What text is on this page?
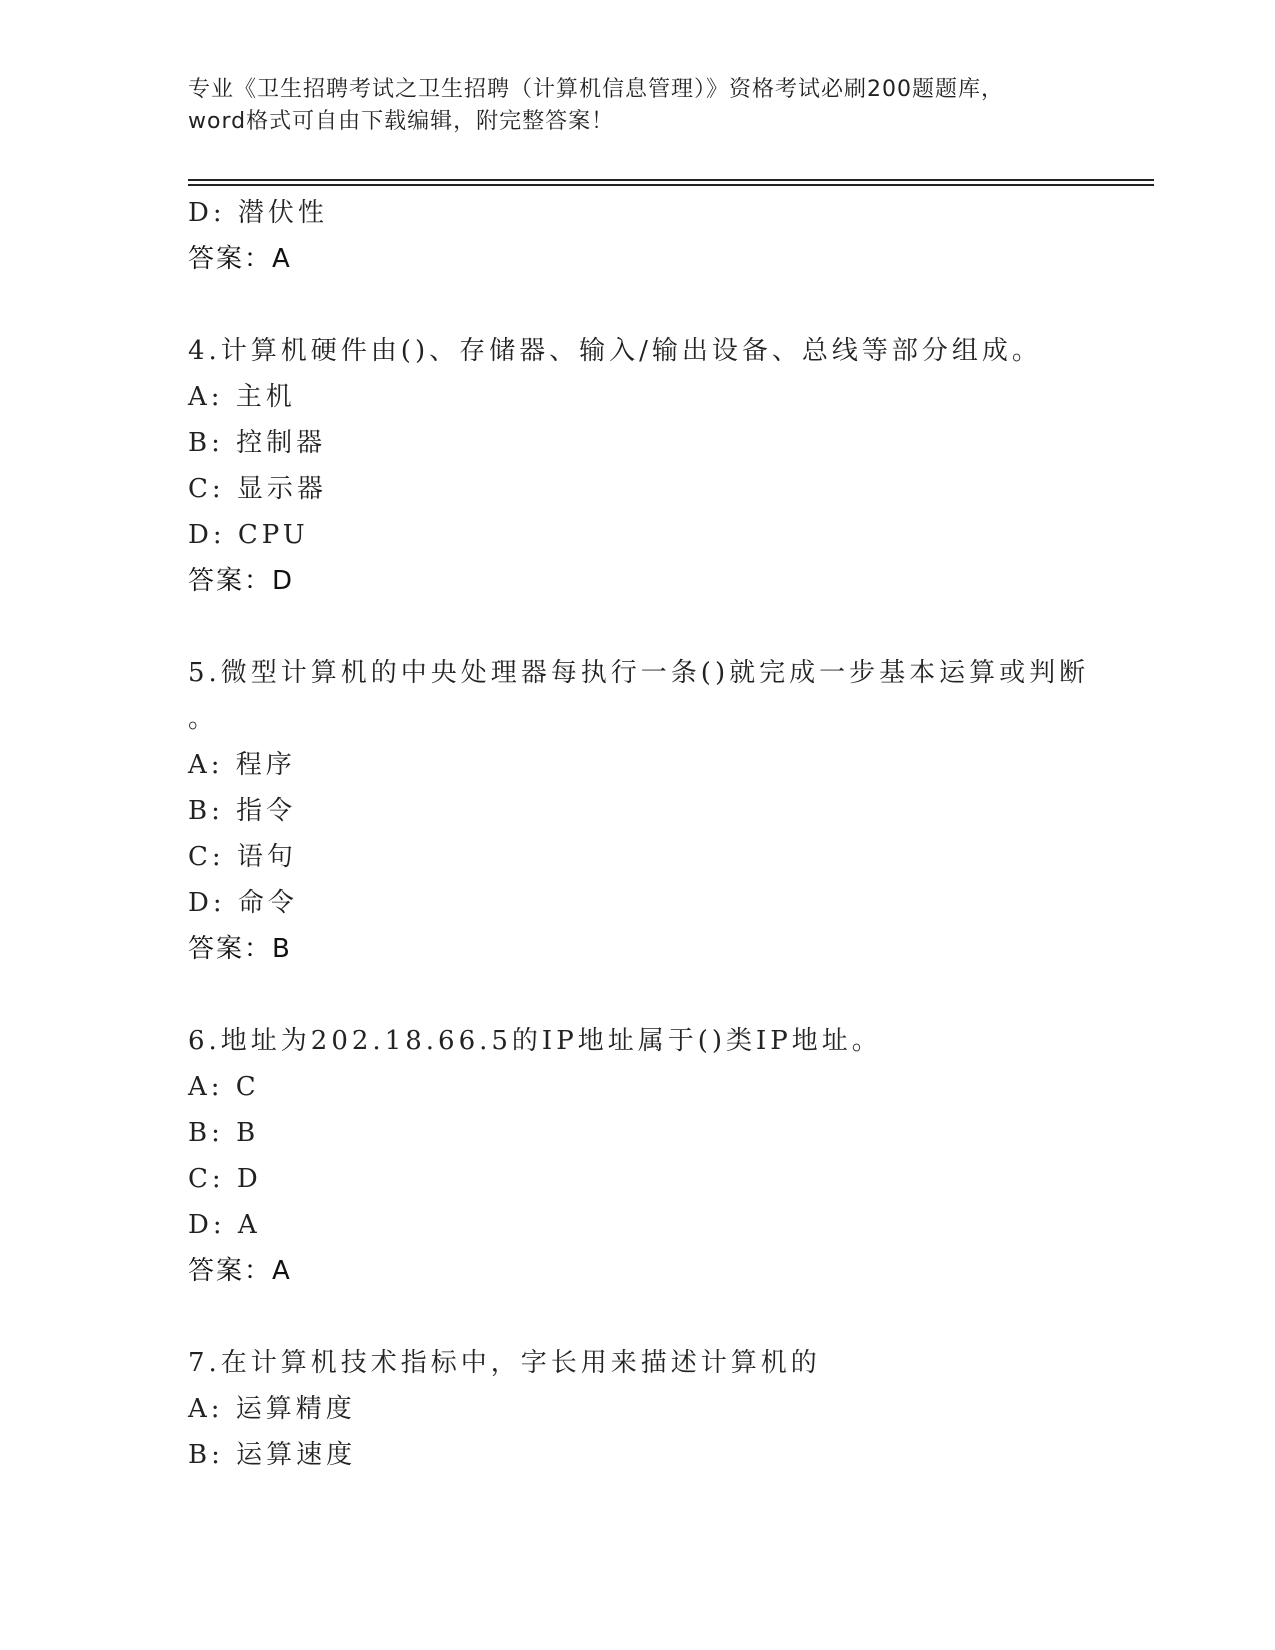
专业《卫生招聘考试之卫生招聘（计算机信息管理）》资格考试必刷200题题库，
word格式可自由下载编辑，附完整答案！
D: 潜伏性
答案：A
4.计算机硬件由()、存储器、输入/输出设备、总线等部分组成。
A: 主机
B: 控制器
C: 显示器
D: CPU
答案：D
5.微型计算机的中央处理器每执行一条()就完成一步基本运算或判断
。
A: 程序
B: 指令
C: 语句
D: 命令
答案：B
6.地址为202.18.66.5的IP地址属于()类IP地址。
A: C
B: B
C: D
D: A
答案：A
7.在计算机技术指标中，字长用来描述计算机的
A: 运算精度
B: 运算速度
